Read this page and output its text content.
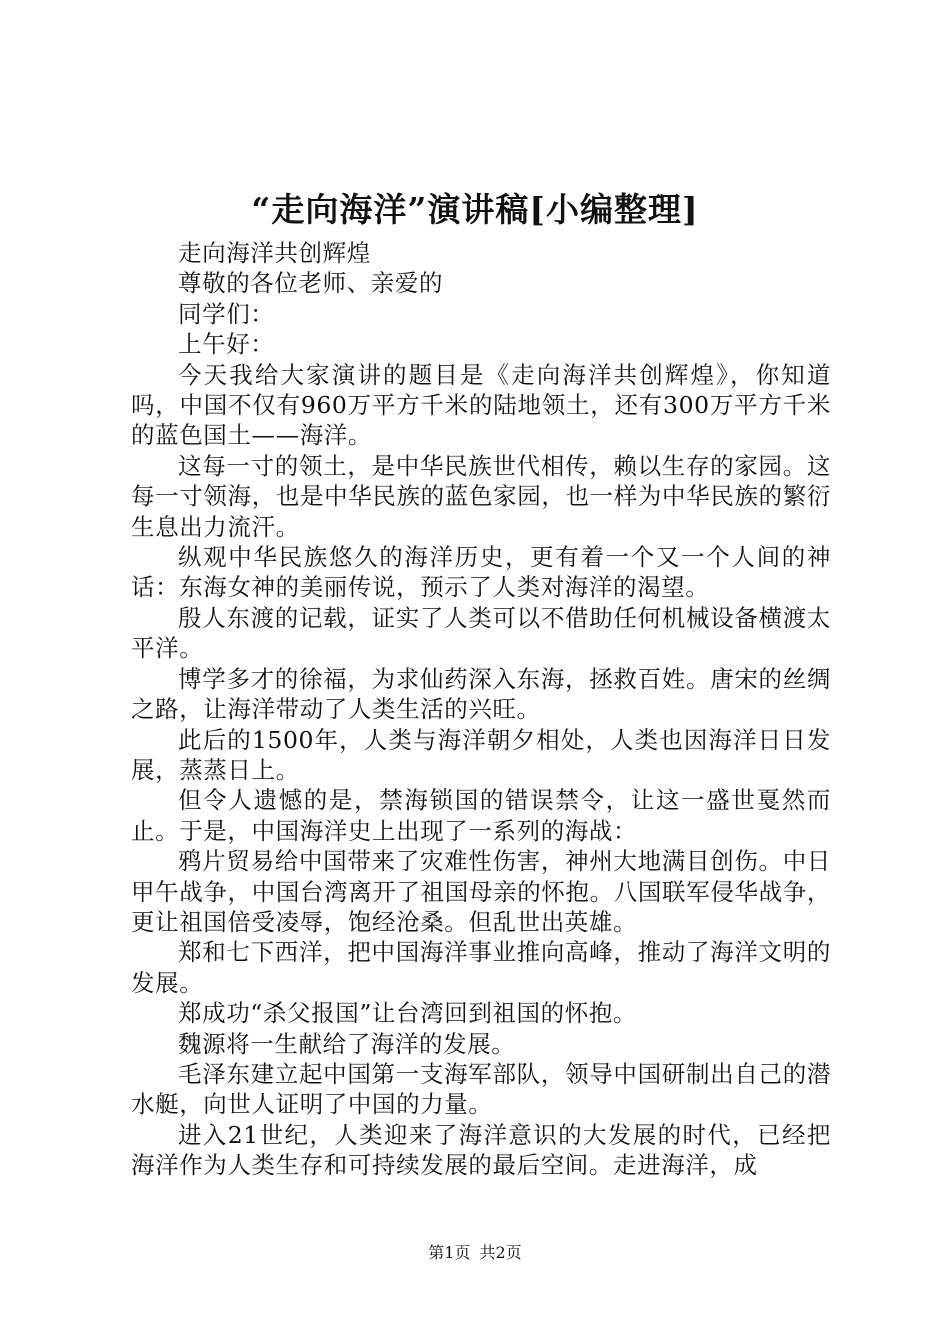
“走向海洋”演讲稿[小编整理]

走向海洋共创辉煌

尊敬的各位老师、亲爱的

同学们：

上午好：

今天我给大家演讲的题目是《走向海洋共创辉煌》，你知道吗，中国不仅有960万平方千米的陆地领土，还有300万平方千米的蓝色国土——海洋。

这每一寸的领土，是中华民族世代相传，赖以生存的家园。这每一寸领海，也是中华民族的蓝色家园，也一样为中华民族的繁衍生息出力流汗。

纵观中华民族悠久的海洋历史，更有着一个又一个人间的神话：东海女神的美丽传说，预示了人类对海洋的渴望。

殷人东渡的记载，证实了人类可以不借助任何机械设备横渡太平洋。

博学多才的徐福，为求仙药深入东海，拯救百姓。唐宋的丝绸之路，让海洋带动了人类生活的兴旺。

此后的1500年，人类与海洋朝夕相处，人类也因海洋日日发展，蒸蒸日上。

但令人遗憾的是，禁海锁国的错误禁令，让这一盛世戛然而止。于是，中国海洋史上出现了一系列的海战：

鸦片贸易给中国带来了灾难性伤害，神州大地满目创伤。中日甲午战争，中国台湾离开了祖国母亲的怀抱。八国联军侵华战争，更让祖国倍受凌辱，饱经沧桑。但乱世出英雄。

郑和七下西洋，把中国海洋事业推向高峰，推动了海洋文明的发展。

郑成功“杀父报国”让台湾回到祖国的怀抱。

魏源将一生献给了海洋的发展。

毛泽东建立起中国第一支海军部队，领导中国研制出自己的潜水艇，向世人证明了中国的力量。

进入21世纪，人类迎来了海洋意识的大发展的时代，已经把海洋作为人类生存和可持续发展的最后空间。走进海洋，成

第1页 共2页
